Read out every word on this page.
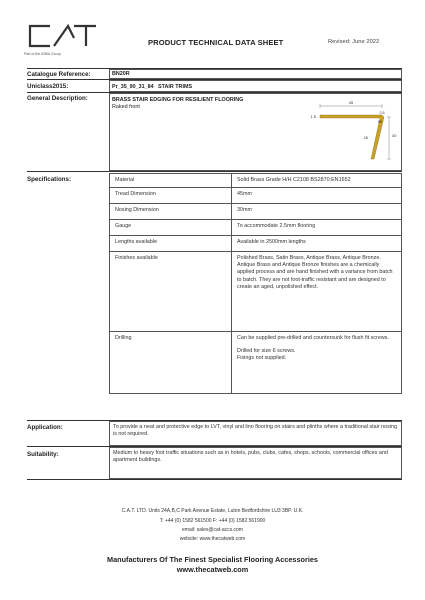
Part of the IDBIA Group
PRODUCT TECHNICAL DATA SHEET	Revised: June 2022
Catalogue Reference:	BN20R
Uniclass2015:	Pr_35_90_31_84 STAIR TRIMS
General Description:	BRASS STAIR EDGING FOR RESILIENT FLOORING
Raked front
45
1.5
2.5
85
26	30
Specifications:	Material	Solid Brass Grade H/H C2108 BS2870:EN1652
Tread Dimension	45mm
Nosing Dimension	30mm
Gauge	To accommodate 2.5mm flooring
Lengths available	Available in 2500mm lengths
Finishes available	Polished Brass, Satin Brass, Antique Brass, Antique Bronze.
Antique Brass and Antique Bronze finishes are a chemically applied process and are hand finished with a variance from batch to batch. They are not foot-traffic resistant and are designed to create an aged, unpolished effect.

Drilling	Can be supplied pre-drilled and countersunk for flush fit screws.
Drilled for size 6 screws.
Fixings not supplied.
Application:	To provide a neat and protective edge to LVT, vinyl and lino flooring on stairs and plinths where a traditional stair nosing is not required.
Suitability:	Medium to heavy foot traffic situations such as in hotels, pubs, clubs, cafes, shops, schools, commercial offices and apartment buildings.
C.A.T. LTD. Units 24A,B,C Park Avenue Estate, Luton Bedfordshire LU3 3BP. U.K.
T: +44 (0) 1582 561500 F: +44 (0) 1582 561900
email: sales@cat-accs.com
website: www.thecatweb.com
Manufacturers Of The Finest Specialist Flooring Accessories
www.thecatweb.com
